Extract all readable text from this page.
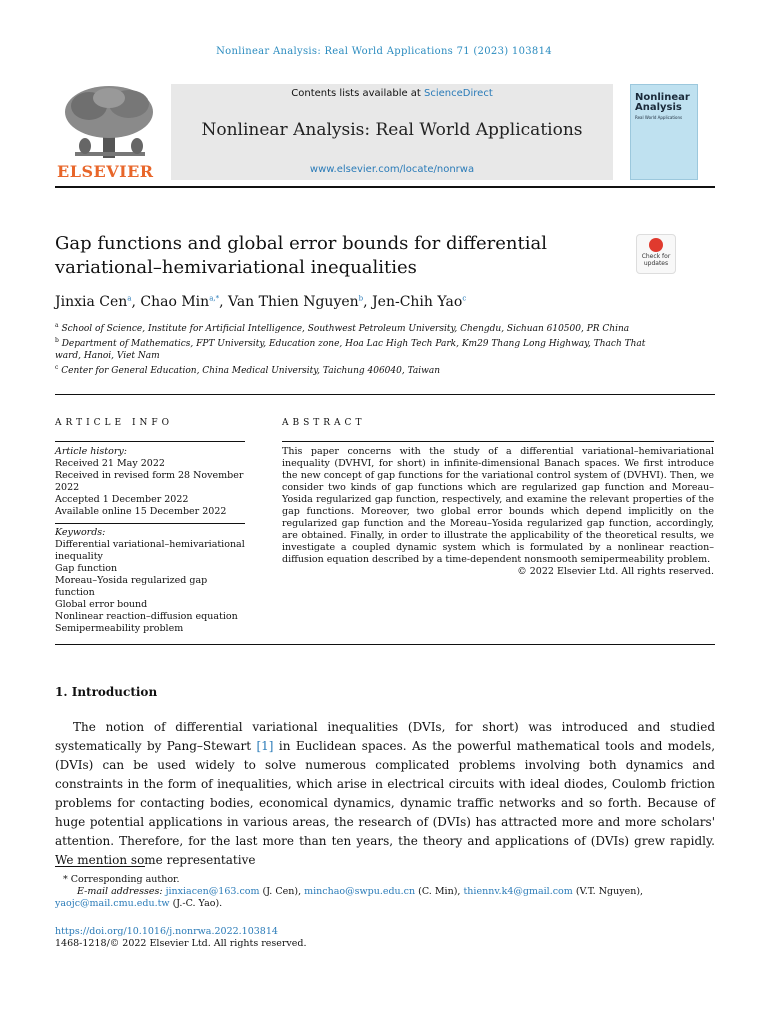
Nonlinear Analysis: Real World Applications 71 (2023) 103814
ELSEVIER
Contents lists available at ScienceDirect
Nonlinear Analysis: Real World Applications
www.elsevier.com/locate/nonrwa
Nonlinear
Analysis
Real World Applications
Gap functions and global error bounds for differential variational–hemivariational inequalities
Check for updates
Jinxia Cen$^a$, Chao Min$^{a,*}$, Van Thien Nguyen$^b$, Jen-Chih Yao$^c$
$^a$ School of Science, Institute for Artificial Intelligence, Southwest Petroleum University, Chengdu, Sichuan 610500, PR China
$^b$ Department of Mathematics, FPT University, Education zone, Hoa Lac High Tech Park, Km29 Thang Long Highway, Thach That ward, Hanoi, Viet Nam
$^c$ Center for General Education, China Medical University, Taichung 406040, Taiwan
ARTICLE INFO	ABSTRACT
Article history:
Received 21 May 2022
Received in revised form 28 November 2022
Accepted 1 December 2022
Available online 15 December 2022
Keywords:
Differential variational–hemivariational inequality
Gap function
Moreau–Yosida regularized gap function
Global error bound
Nonlinear reaction–diffusion equation
Semipermeability problem
This paper concerns with the study of a differential variational–hemivariational inequality (DVHVI, for short) in infinite-dimensional Banach spaces. We first introduce the new concept of gap functions for the variational control system of (DVHVI). Then, we consider two kinds of gap functions which are regularized gap function and Moreau–Yosida regularized gap function, respectively, and examine the relevant properties of the gap functions. Moreover, two global error bounds which depend implicitly on the regularized gap function and the Moreau–Yosida regularized gap function, accordingly, are obtained. Finally, in order to illustrate the applicability of the theoretical results, we investigate a coupled dynamic system which is formulated by a nonlinear reaction–diffusion equation described by a time-dependent nonsmooth semipermeability problem.
© 2022 Elsevier Ltd. All rights reserved.
1. Introduction
The notion of differential variational inequalities (DVIs, for short) was introduced and studied systematically by Pang–Stewart [1] in Euclidean spaces. As the powerful mathematical tools and models, (DVIs) can be used widely to solve numerous complicated problems involving both dynamics and constraints in the form of inequalities, which arise in electrical circuits with ideal diodes, Coulomb friction problems for contacting bodies, economical dynamics, dynamic traffic networks and so forth. Because of huge potential applications in various areas, the research of (DVIs) has attracted more and more scholars' attention. Therefore, for the last more than ten years, the theory and applications of (DVIs) grew rapidly. We mention some representative
* Corresponding author.
E-mail addresses: jinxiacen@163.com (J. Cen), minchao@swpu.edu.cn (C. Min), thiennv.k4@gmail.com (V.T. Nguyen),
yaojc@mail.cmu.edu.tw (J.-C. Yao).
https://doi.org/10.1016/j.nonrwa.2022.103814
1468-1218/© 2022 Elsevier Ltd. All rights reserved.
